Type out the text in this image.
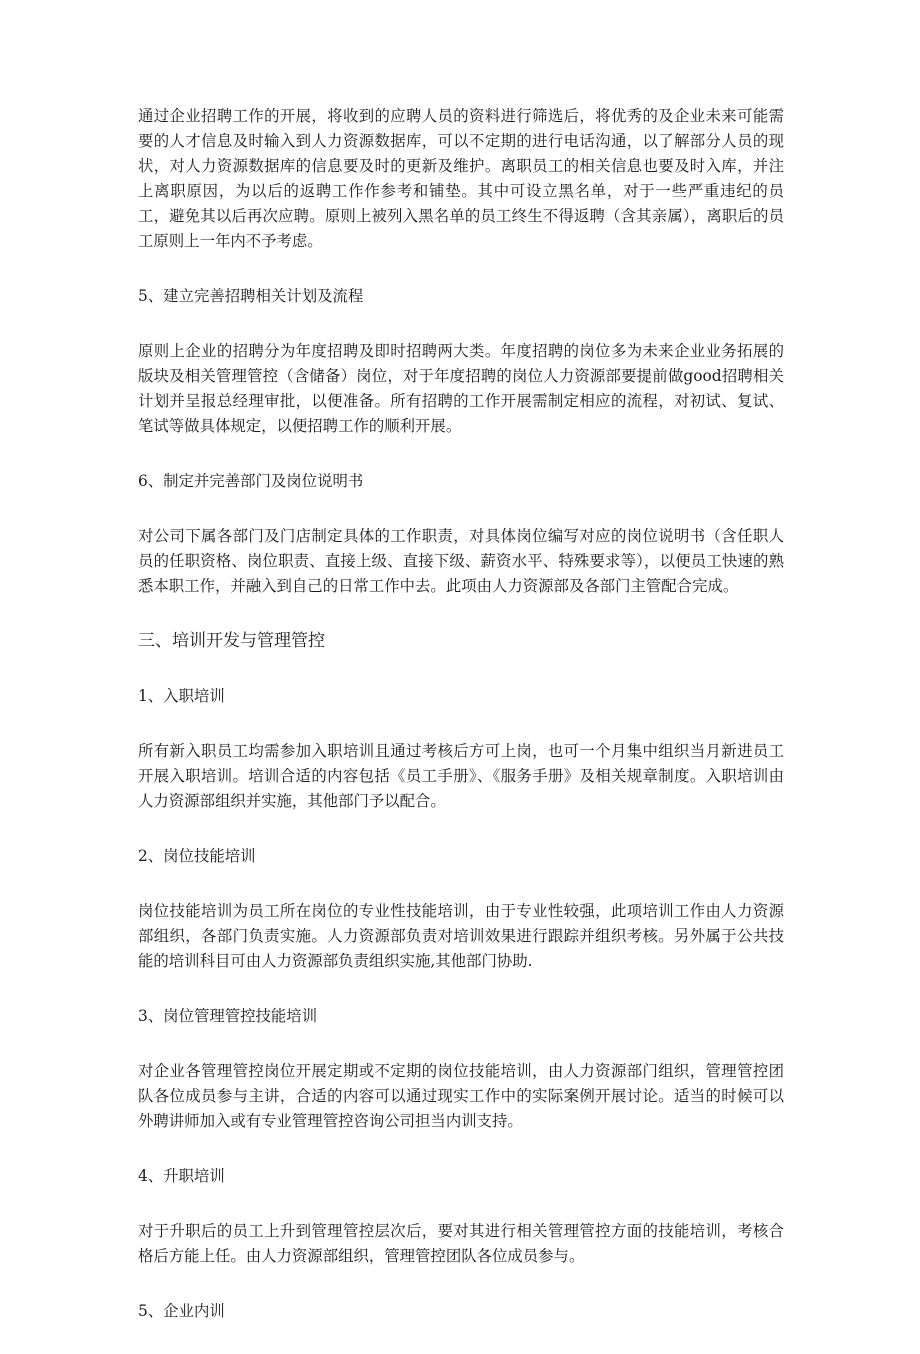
通过企业招聘工作的开展，将收到的应聘人员的资料进行筛选后，将优秀的及企业未来可能需要的人才信息及时输入到人力资源数据库，可以不定期的进行电话沟通，以了解部分人员的现状，对人力资源数据库的信息要及时的更新及维护。离职员工的相关信息也要及时入库，并注上离职原因，为以后的返聘工作作参考和铺垫。其中可设立黑名单，对于一些严重违纪的员工，避免其以后再次应聘。原则上被列入黑名单的员工终生不得返聘（含其亲属），离职后的员工原则上一年内不予考虑。

5、建立完善招聘相关计划及流程

原则上企业的招聘分为年度招聘及即时招聘两大类。年度招聘的岗位多为未来企业业务拓展的版块及相关管理管控（含储备）岗位，对于年度招聘的岗位人力资源部要提前做good招聘相关计划并呈报总经理审批，以便准备。所有招聘的工作开展需制定相应的流程，对初试、复试、笔试等做具体规定，以便招聘工作的顺利开展。

6、制定并完善部门及岗位说明书

对公司下属各部门及门店制定具体的工作职责，对具体岗位编写对应的岗位说明书（含任职人员的任职资格、岗位职责、直接上级、直接下级、薪资水平、特殊要求等），以便员工快速的熟悉本职工作，并融入到自己的日常工作中去。此项由人力资源部及各部门主管配合完成。

三、培训开发与管理管控

1、入职培训

所有新入职员工均需参加入职培训且通过考核后方可上岗，也可一个月集中组织当月新进员工开展入职培训。培训合适的内容包括《员工手册》、《服务手册》及相关规章制度。入职培训由人力资源部组织并实施，其他部门予以配合。

2、岗位技能培训

岗位技能培训为员工所在岗位的专业性技能培训，由于专业性较强，此项培训工作由人力资源部组织，各部门负责实施。人力资源部负责对培训效果进行跟踪并组织考核。另外属于公共技能的培训科目可由人力资源部负责组织实施,其他部门协助.

3、岗位管理管控技能培训

对企业各管理管控岗位开展定期或不定期的岗位技能培训，由人力资源部门组织，管理管控团队各位成员参与主讲，合适的内容可以通过现实工作中的实际案例开展讨论。适当的时候可以外聘讲师加入或有专业管理管控咨询公司担当内训支持。

4、升职培训

对于升职后的员工上升到管理管控层次后，要对其进行相关管理管控方面的技能培训，考核合格后方能上任。由人力资源部组织，管理管控团队各位成员参与。

5、企业内训
